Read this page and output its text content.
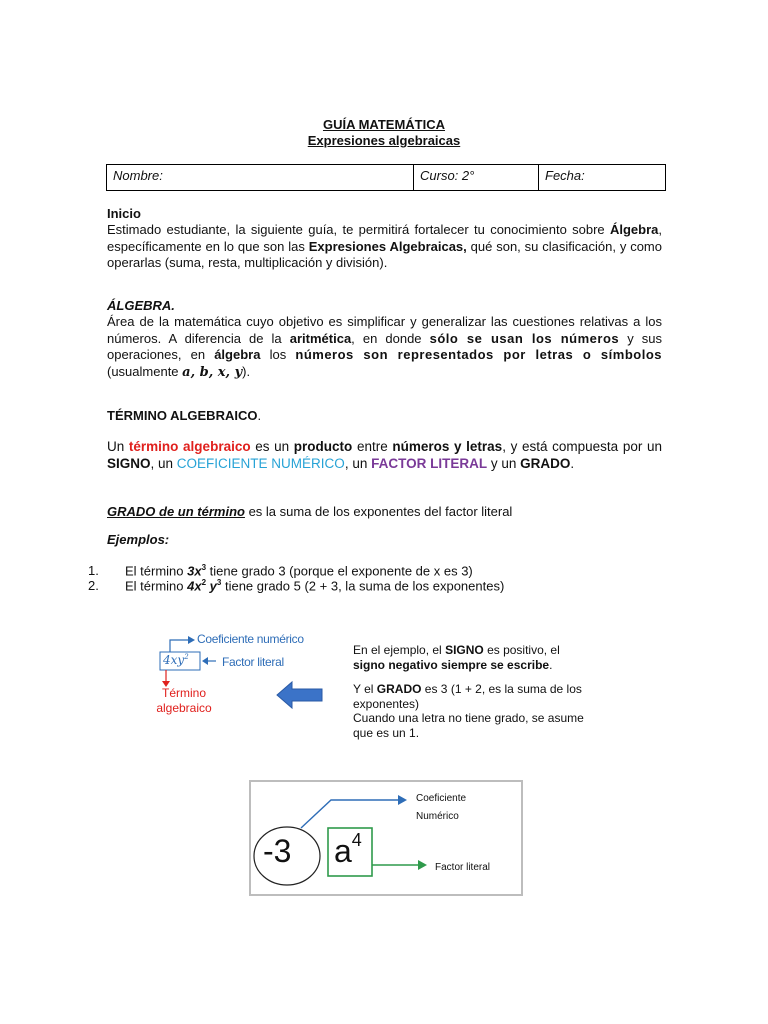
GUÍA MATEMÁTICA
Expresiones algebraicas
Nombre:	Curso: 2°	Fecha:
Inicio
Estimado estudiante, la siguiente guía, te permitirá fortalecer tu conocimiento sobre Álgebra, específicamente en lo que son las Expresiones Algebraicas, qué son, su clasificación, y como operarlas (suma, resta, multiplicación y división).
ÁLGEBRA.
Área de la matemática cuyo objetivo es simplificar y generalizar las cuestiones relativas a los números. A diferencia de la aritmética, en donde sólo se usan los números y sus operaciones, en álgebra los números son representados por letras o símbolos (usualmente a, b, x, y).
TÉRMINO ALGEBRAICO.
Un término algebraico es un producto entre números y letras, y está compuesta por un SIGNO, un COEFICIENTE NUMÉRICO, un FACTOR LITERAL y un GRADO.
GRADO de un término es la suma de los exponentes del factor literal
Ejemplos:
1. El término $3x^3$ tiene grado 3 (porque el exponente de x es 3)
2. El término $4x^2$ $y^3$ tiene grado 5 (2 + 3, la suma de los exponentes)
Coeficiente numérico
$4xy^2$	Factor literal
Término
algebraico
En el ejemplo, el SIGNO es positivo, el
signo negativo siempre se escribe.
Y el GRADO es 3 (1 + 2, es la suma de los exponentes)
Cuando una letra no tiene grado, se asume que es un 1.
Coeficiente
Numérico
-3 $a^4$
Factor literal
